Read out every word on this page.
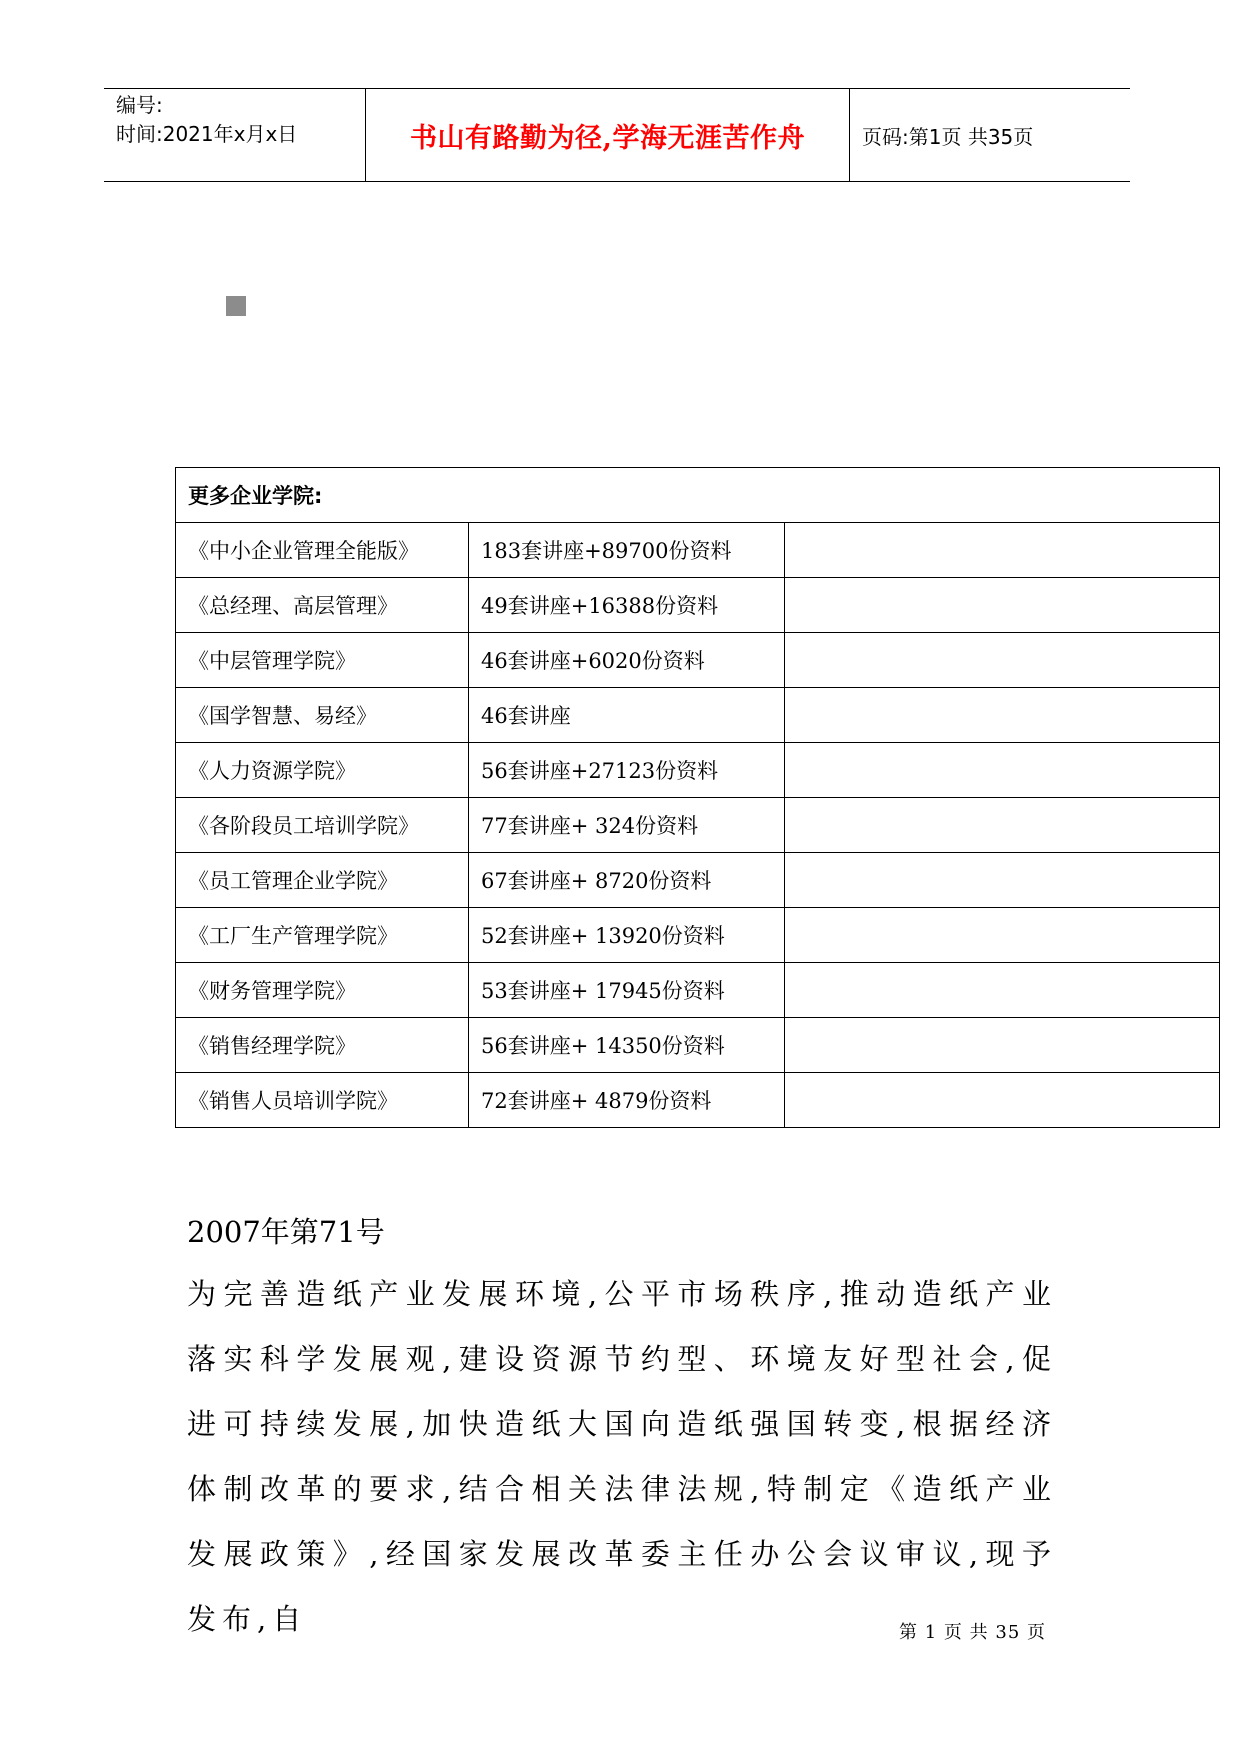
编号:
时间:2021年x月x日	书山有路勤为径,学海无涯苦作舟	页码:第1页 共35页
更多企业学院:		
《中小企业管理全能版》	183套讲座+89700份资料	
《总经理、高层管理》	49套讲座+16388份资料	
《中层管理学院》	46套讲座+6020份资料	
《国学智慧、易经》	46套讲座	
《人力资源学院》	56套讲座+27123份资料	
《各阶段员工培训学院》	77套讲座+ 324份资料	
《员工管理企业学院》	67套讲座+ 8720份资料	
《工厂生产管理学院》	52套讲座+ 13920份资料	
《财务管理学院》	53套讲座+ 17945份资料	
《销售经理学院》	56套讲座+ 14350份资料	
《销售人员培训学院》	72套讲座+ 4879份资料	
2007年第71号

为完善造纸产业发展环境,公平市场秩序,推动造纸产业落实科学发展观,建设资源节约型、环境友好型社会,促进可持续发展,加快造纸大国向造纸强国转变,根据经济体制改革的要求,结合相关法律法规,特制定《造纸产业发展政策》,经国家发展改革委主任办公会议审议,现予发布,自	第 1 页 共 35 页
